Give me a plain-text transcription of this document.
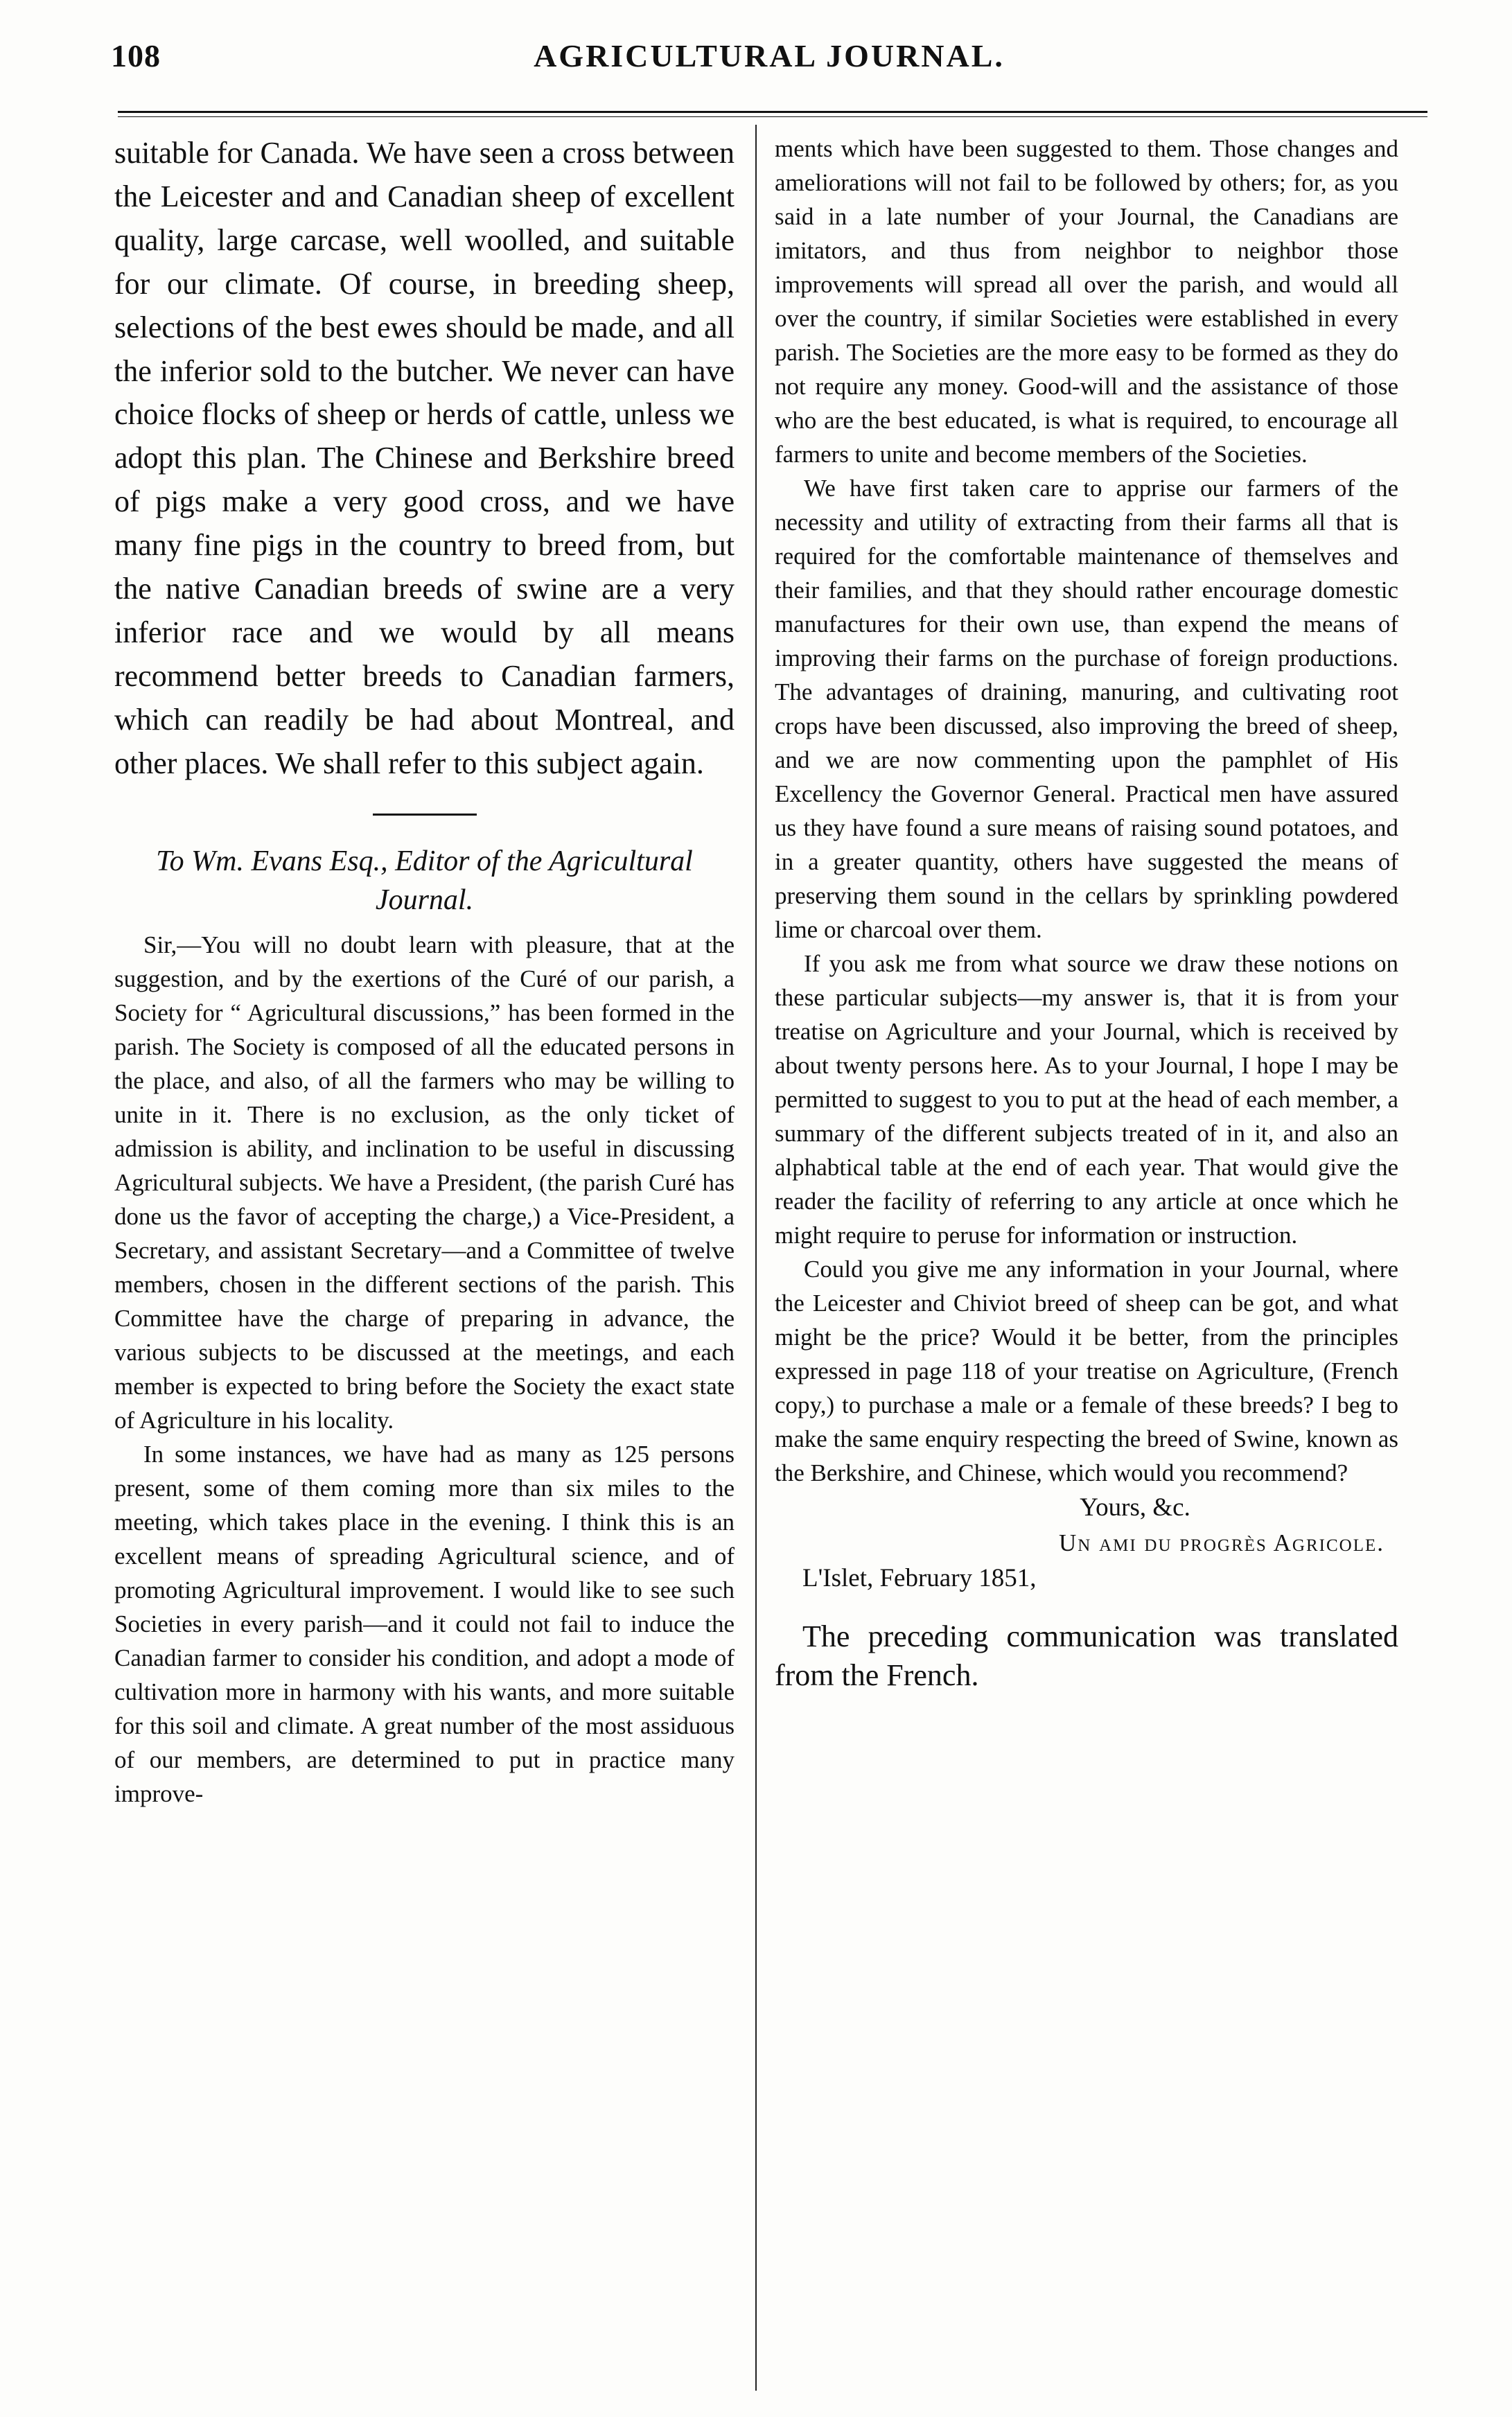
108	AGRICULTURAL JOURNAL.

suitable for Canada. We have seen a cross between the Leicester and and Canadian sheep of excellent quality, large carcase, well woolled, and suitable for our climate. Of course, in breeding sheep, selections of the best ewes should be made, and all the inferior sold to the butcher. We never can have choice flocks of sheep or herds of cattle, unless we adopt this plan. The Chinese and Berkshire breed of pigs make a very good cross, and we have many fine pigs in the country to breed from, but the native Canadian breeds of swine are a very inferior race and we would by all means recommend better breeds to Canadian farmers, which can readily be had about Montreal, and other places. We shall refer to this subject again.

To Wm. Evans Esq., Editor of the Agricultural Journal.

Sir,—You will no doubt learn with pleasure, that at the suggestion, and by the exertions of the Curé of our parish, a Society for “ Agricultural discussions,” has been formed in the parish. The Society is composed of all the educated persons in the place, and also, of all the farmers who may be willing to unite in it. There is no exclusion, as the only ticket of admission is ability, and inclination to be useful in discussing Agricultural subjects. We have a President, (the parish Curé has done us the favor of accepting the charge,) a Vice-President, a Secretary, and assistant Secretary—and a Committee of twelve members, chosen in the different sections of the parish. This Committee have the charge of preparing in advance, the various subjects to be discussed at the meetings, and each member is expected to bring before the Society the exact state of Agriculture in his locality.

In some instances, we have had as many as 125 persons present, some of them coming more than six miles to the meeting, which takes place in the evening. I think this is an excellent means of spreading Agricultural science, and of promoting Agricultural improvement. I would like to see such Societies in every parish—and it could not fail to induce the Canadian farmer to consider his condition, and adopt a mode of cultivation more in harmony with his wants, and more suitable for this soil and climate. A great number of the most assiduous of our members, are determined to put in practice many improve-

ments which have been suggested to them. Those changes and ameliorations will not fail to be followed by others; for, as you said in a late number of your Journal, the Canadians are imitators, and thus from neighbor to neighbor those improvements will spread all over the parish, and would all over the country, if similar Societies were established in every parish. The Societies are the more easy to be formed as they do not require any money. Good-will and the assistance of those who are the best educated, is what is required, to encourage all farmers to unite and become members of the Societies.

We have first taken care to apprise our farmers of the necessity and utility of extracting from their farms all that is required for the comfortable maintenance of themselves and their families, and that they should rather encourage domestic manufactures for their own use, than expend the means of improving their farms on the purchase of foreign productions. The advantages of draining, manuring, and cultivating root crops have been discussed, also improving the breed of sheep, and we are now commenting upon the pamphlet of His Excellency the Governor General. Practical men have assured us they have found a sure means of raising sound potatoes, and in a greater quantity, others have suggested the means of preserving them sound in the cellars by sprinkling powdered lime or charcoal over them.

If you ask me from what source we draw these notions on these particular subjects—my answer is, that it is from your treatise on Agriculture and your Journal, which is received by about twenty persons here. As to your Journal, I hope I may be permitted to suggest to you to put at the head of each member, a summary of the different subjects treated of in it, and also an alphabtical table at the end of each year. That would give the reader the facility of referring to any article at once which he might require to peruse for information or instruction.

Could you give me any information in your Journal, where the Leicester and Chiviot breed of sheep can be got, and what might be the price? Would it be better, from the principles expressed in page 118 of your treatise on Agriculture, (French copy,) to purchase a male or a female of these breeds? I beg to make the same enquiry respecting the breed of Swine, known as the Berkshire, and Chinese, which would you recommend?

Yours, &c.

Un ami du progrès Agricole.

L'Islet, February 1851,

The preceding communication was translated from the French.
